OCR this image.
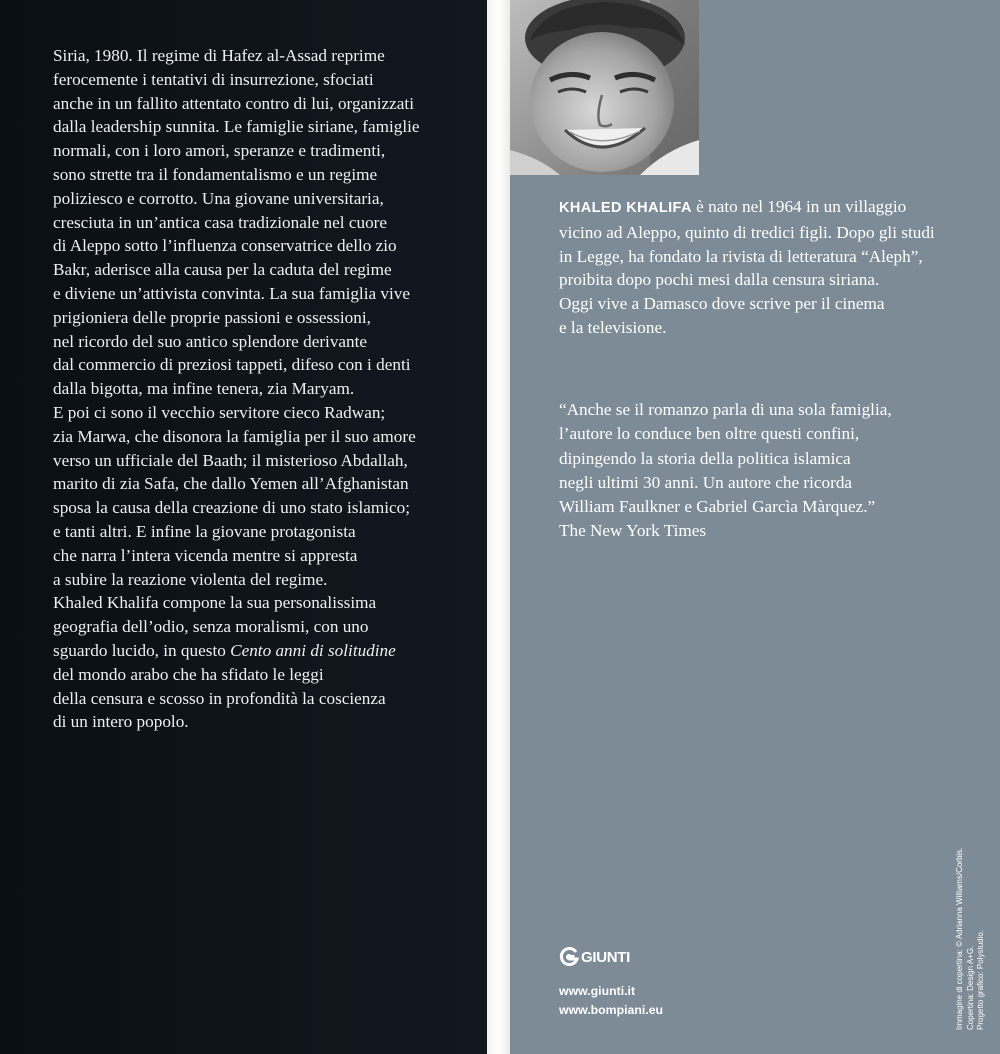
Siria, 1980. Il regime di Hafez al-Assad reprime
ferocemente i tentativi di insurrezione, sfociati
anche in un fallito attentato contro di lui, organizzati
dalla leadership sunnita. Le famiglie siriane, famiglie
normali, con i loro amori, speranze e tradimenti,
sono strette tra il fondamentalismo e un regime
poliziesco e corrotto. Una giovane universitaria,
cresciuta in un’antica casa tradizionale nel cuore
di Aleppo sotto l’influenza conservatrice dello zio
Bakr, aderisce alla causa per la caduta del regime
e diviene un’attivista convinta. La sua famiglia vive
prigioniera delle proprie passioni e ossessioni,
nel ricordo del suo antico splendore derivante
dal commercio di preziosi tappeti, difeso con i denti
dalla bigotta, ma infine tenera, zia Maryam.
E poi ci sono il vecchio servitore cieco Radwan;
zia Marwa, che disonora la famiglia per il suo amore
verso un ufficiale del Baath; il misterioso Abdallah,
marito di zia Safa, che dallo Yemen all’Afghanistan
sposa la causa della creazione di uno stato islamico;
e tanti altri. E infine la giovane protagonista
che narra l’intera vicenda mentre si appresta
a subire la reazione violenta del regime.
Khaled Khalifa compone la sua personalissima
geografia dell’odio, senza moralismi, con uno
sguardo lucido, in questo Cento anni di solitudine
del mondo arabo che ha sfidato le leggi
della censura e scosso in profondità la coscienza
di un intero popolo.

KHALED KHALIFA è nato nel 1964 in un villaggio
vicino ad Aleppo, quinto di tredici figli. Dopo gli studi
in Legge, ha fondato la rivista di letteratura “Aleph”,
proibita dopo pochi mesi dalla censura siriana.
Oggi vive a Damasco dove scrive per il cinema
e la televisione.

“Anche se il romanzo parla di una sola famiglia,
l’autore lo conduce ben oltre questi confini,
dipingendo la storia della politica islamica
negli ultimi 30 anni. Un autore che ricorda
William Faulkner e Gabriel Garcìa Màrquez.”

The New York Times

GIUNTI
www.giunti.it
www.bompiani.eu	Immagine di copertina: © Adrianna Williams/Corbis. Copertina: Design A+G. Progetto grafico: Polystudio.
